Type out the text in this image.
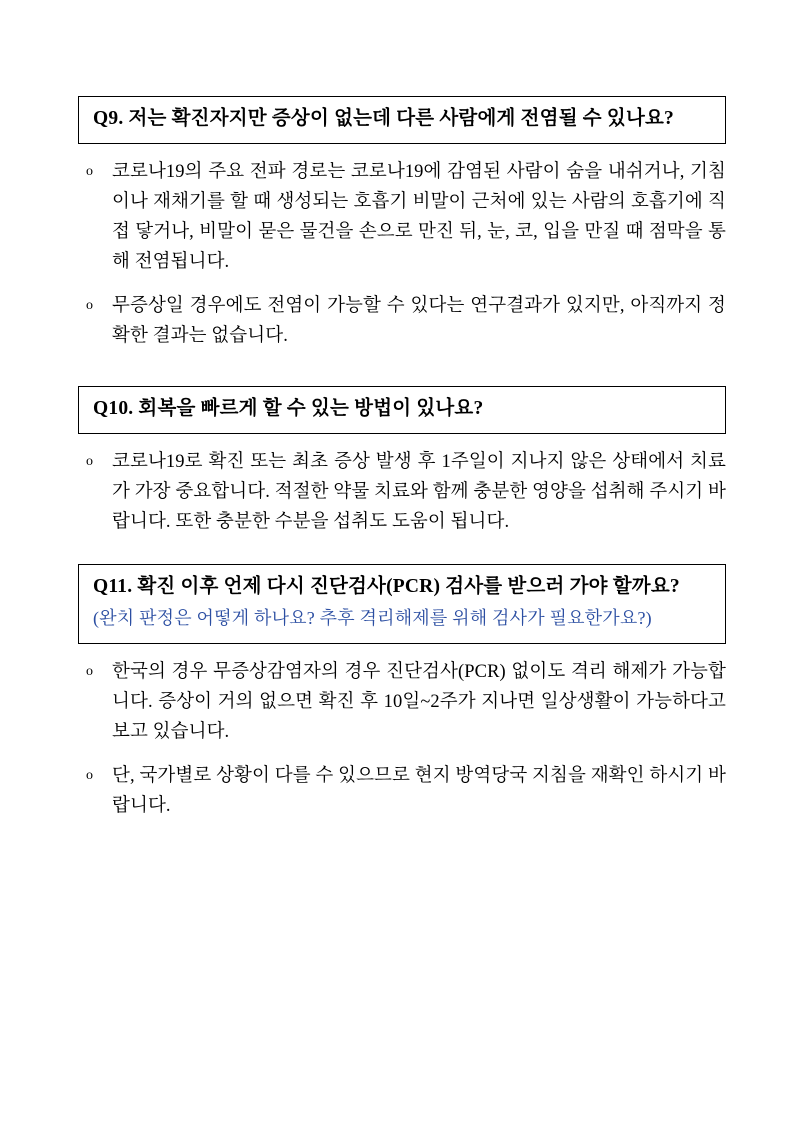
Q9. 저는 확진자지만 증상이 없는데 다른 사람에게 전염될 수 있나요?
o 코로나19의 주요 전파 경로는 코로나19에 감염된 사람이 숨을 내쉬거나, 기침이나 재채기를 할 때 생성되는 호흡기 비말이 근처에 있는 사람의 호흡기에 직접 닿거나, 비말이 묻은 물건을 손으로 만진 뒤, 눈, 코, 입을 만질 때 점막을 통해 전염됩니다.
o 무증상일 경우에도 전염이 가능할 수 있다는 연구결과가 있지만, 아직까지 정확한 결과는 없습니다.
Q10. 회복을 빠르게 할 수 있는 방법이 있나요?
o 코로나19로 확진 또는 최초 증상 발생 후 1주일이 지나지 않은 상태에서 치료가 가장 중요합니다. 적절한 약물 치료와 함께 충분한 영양을 섭취해 주시기 바랍니다. 또한 충분한 수분을 섭취도 도움이 됩니다.
Q11. 확진 이후 언제 다시 진단검사(PCR) 검사를 받으러 가야 할까요?
(완치 판정은 어떻게 하나요? 추후 격리해제를 위해 검사가 필요한가요?)
o 한국의 경우 무증상감염자의 경우 진단검사(PCR) 없이도 격리 해제가 가능합니다. 증상이 거의 없으면 확진 후 10일~2주가 지나면 일상생활이 가능하다고 보고 있습니다.
o 단, 국가별로 상황이 다를 수 있으므로 현지 방역당국 지침을 재확인 하시기 바랍니다.
